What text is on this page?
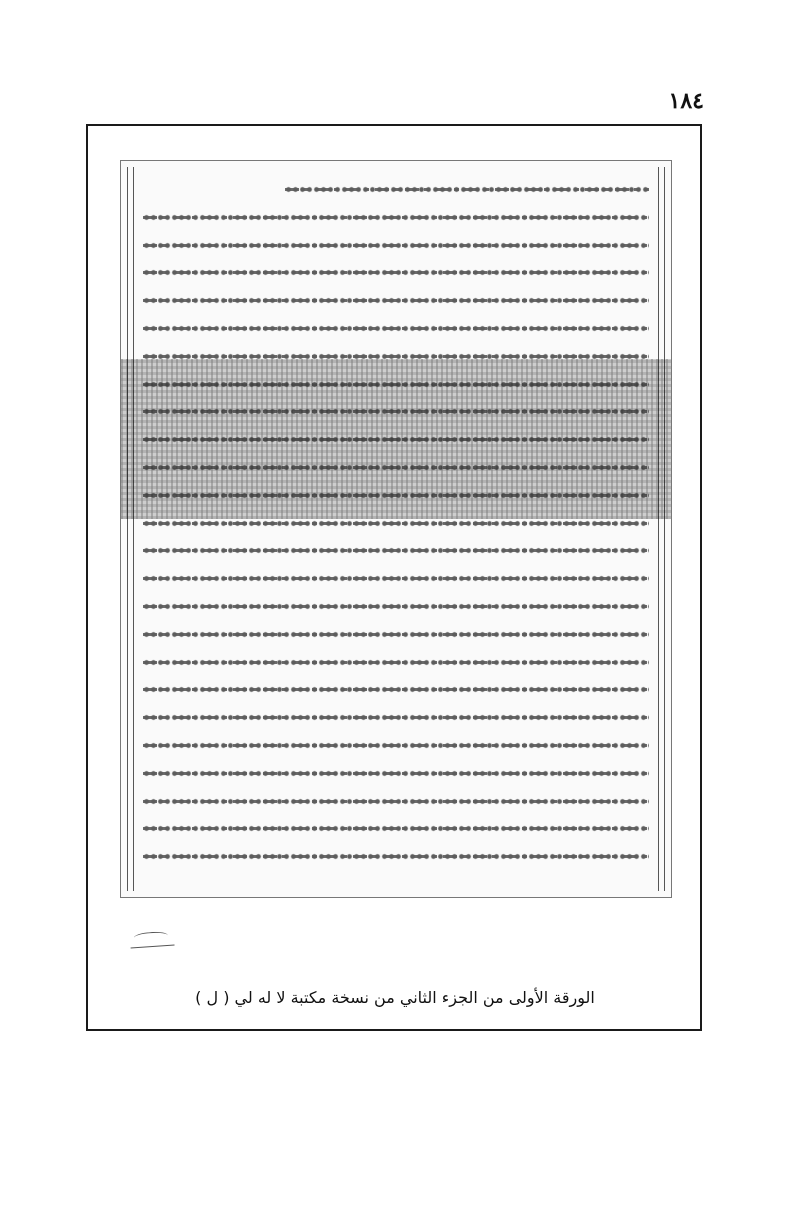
١٨٤
الورقة الأولى من الجزء الثاني من نسخة مكتبة لا له لي ( ل )
